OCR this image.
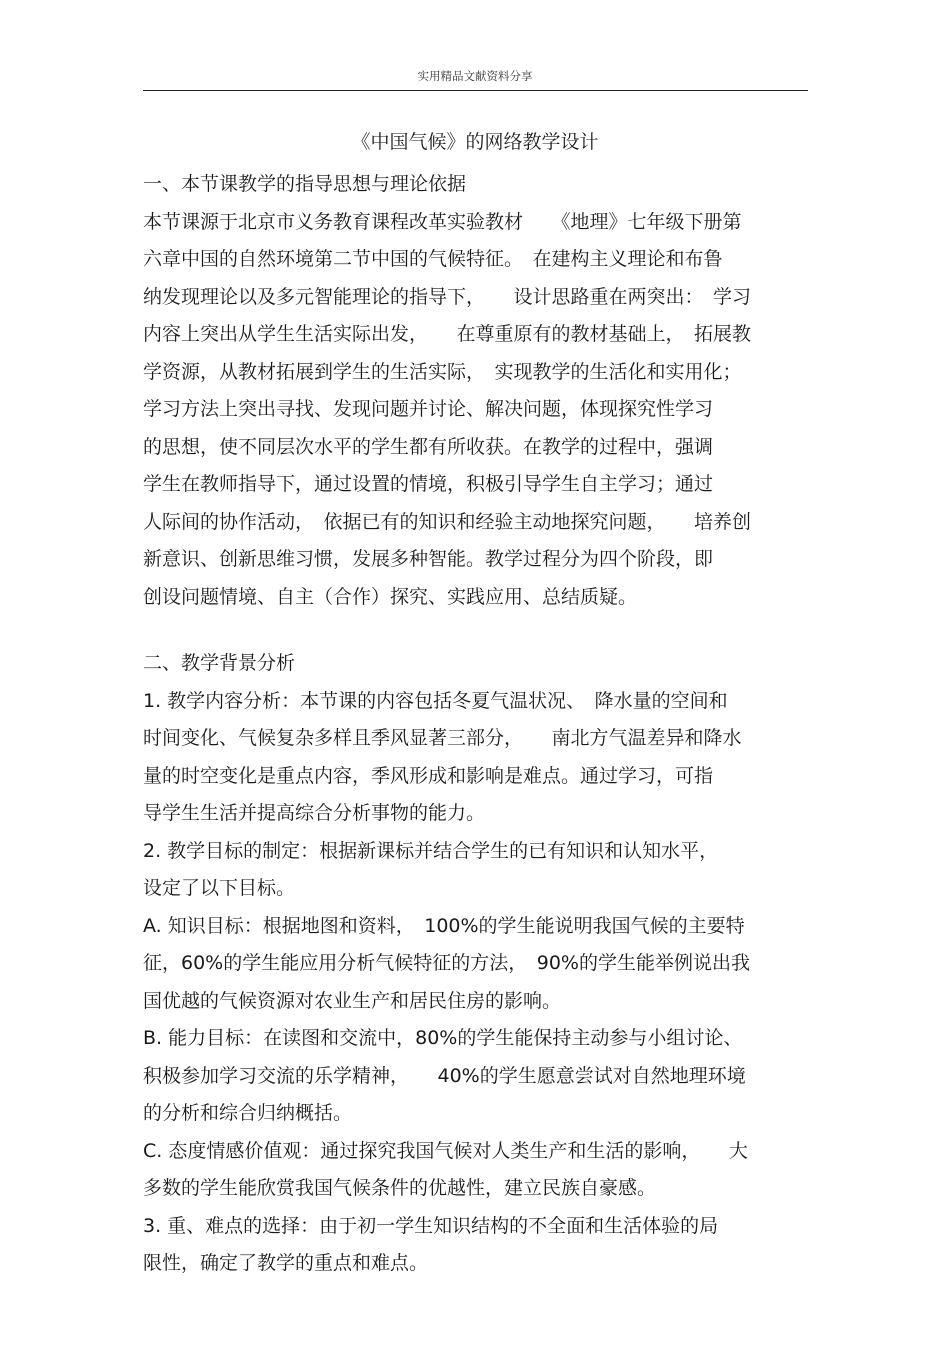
实用精品文献资料分享
《中国气候》的网络教学设计
一、本节课教学的指导思想与理论依据
本节课源于北京市义务教育课程改革实验教材　　《地理》七年级下册第
六章中国的自然环境第二节中国的气候特征。　在建构主义理论和布鲁
纳发现理论以及多元智能理论的指导下，　　设计思路重在两突出：　学习
内容上突出从学生生活实际出发，　　在尊重原有的教材基础上，　拓展教
学资源，从教材拓展到学生的生活实际，　实现教学的生活化和实用化；
学习方法上突出寻找、发现问题并讨论、解决问题，体现探究性学习
的思想，使不同层次水平的学生都有所收获。在教学的过程中，强调
学生在教师指导下，通过设置的情境，积极引导学生自主学习；通过
人际间的协作活动，　依据已有的知识和经验主动地探究问题，　　培养创
新意识、创新思维习惯，发展多种智能。教学过程分为四个阶段，即
创设问题情境、自主（合作）探究、实践应用、总结质疑。
二、教学背景分析
1. 教学内容分析：本节课的内容包括冬夏气温状况、　降水量的空间和
时间变化、气候复杂多样且季风显著三部分，　　南北方气温差异和降水
量的时空变化是重点内容，季风形成和影响是难点。通过学习，可指
导学生生活并提高综合分析事物的能力。
2. 教学目标的制定：根据新课标并结合学生的已有知识和认知水平，
设定了以下目标。
A. 知识目标：根据地图和资料，　100%的学生能说明我国气候的主要特
征，60%的学生能应用分析气候特征的方法，　90%的学生能举例说出我
国优越的气候资源对农业生产和居民住房的影响。
B. 能力目标：在读图和交流中，80%的学生能保持主动参与小组讨论、
积极参加学习交流的乐学精神，　　40%的学生愿意尝试对自然地理环境
的分析和综合归纳概括。
C. 态度情感价值观：通过探究我国气候对人类生产和生活的影响，　　大
多数的学生能欣赏我国气候条件的优越性，建立民族自豪感。
3. 重、难点的选择：由于初一学生知识结构的不全面和生活体验的局
限性，确定了教学的重点和难点。
